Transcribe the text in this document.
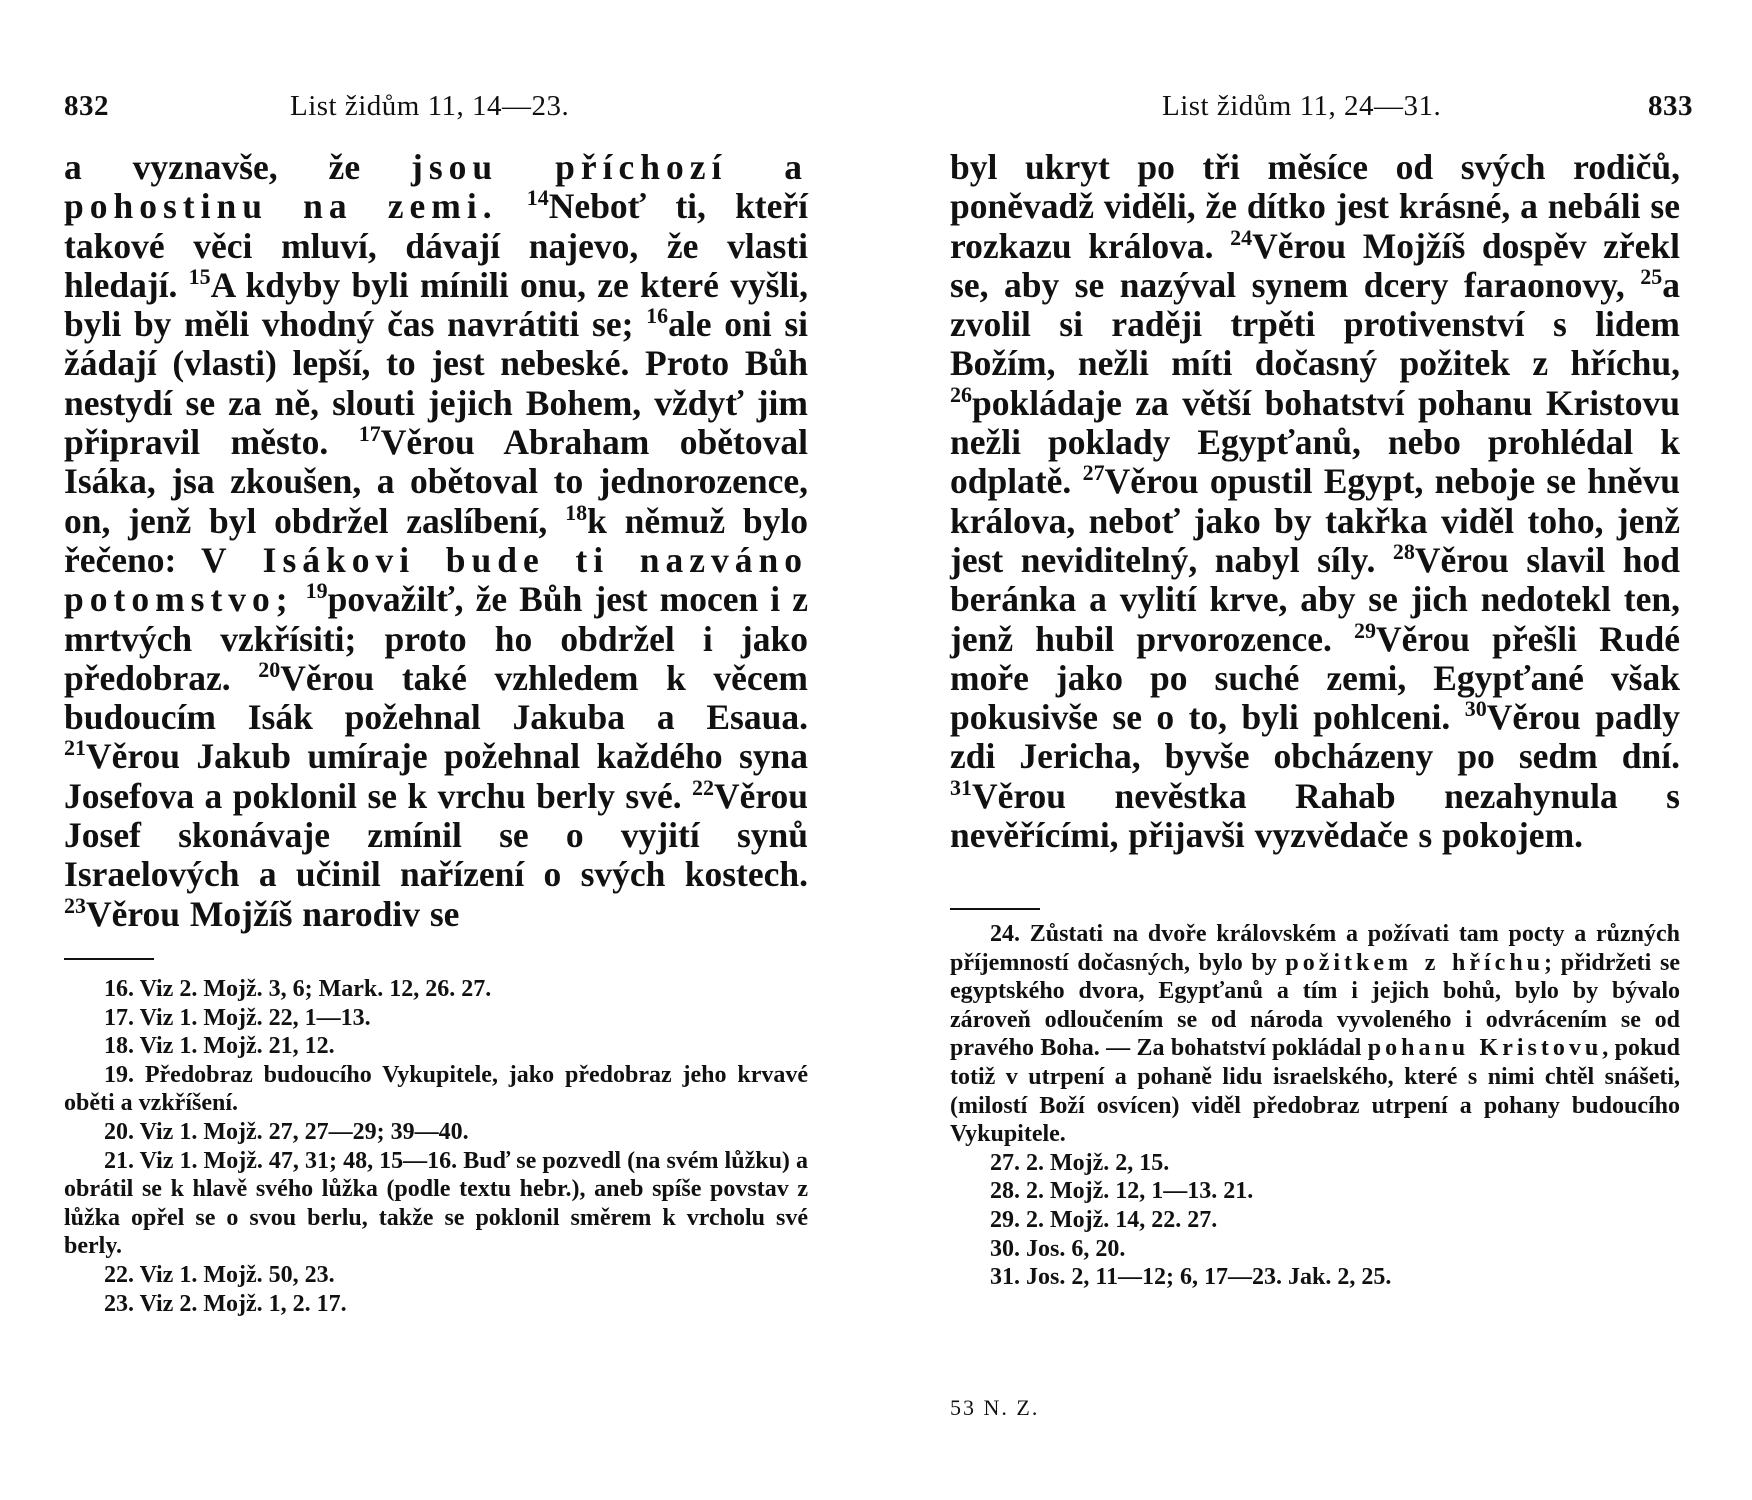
832	List židům 11, 14—23.

a vyznavše, že jsou příchozí a pohostinu na zemi. $^{14}$Neboť ti, kteří takové věci mluví, dávají najevo, že vlasti hledají. $^{15}$A kdyby byli mínili onu, ze které vyšli, byli by měli vhodný čas navrátiti se; $^{16}$ale oni si žádají (vlasti) lepší, to jest nebeské. Proto Bůh nestydí se za ně, slouti jejich Bohem, vždyť jim připravil město. $^{17}$Věrou Abraham obětoval Isáka, jsa zkoušen, a obětoval to jednorozence, on, jenž byl obdržel zaslíbení, $^{18}$k němuž bylo řečeno: V Isákovi bude ti nazváno potomstvo; $^{19}$považilť, že Bůh jest mocen i z mrtvých vzkřísiti; proto ho obdržel i jako předobraz. $^{20}$Věrou také vzhledem k věcem budoucím Isák požehnal Jakuba a Esaua. $^{21}$Věrou Jakub umíraje požehnal každého syna Josefova a poklonil se k vrchu berly své. $^{22}$Věrou Josef skonávaje zmínil se o vyjití synů Israelových a učinil nařízení o svých kostech. $^{23}$Věrou Mojžíš narodiv se

16. Viz 2. Mojž. 3, 6; Mark. 12, 26. 27.

17. Viz 1. Mojž. 22, 1—13.

18. Viz 1. Mojž. 21, 12.

19. Předobraz budoucího Vykupitele, jako předobraz jeho krvavé oběti a vzkříšení.

20. Viz 1. Mojž. 27, 27—29; 39—40.

21. Viz 1. Mojž. 47, 31; 48, 15—16. Buď se pozvedl (na svém lůžku) a obrátil se k hlavě svého lůžka (podle textu hebr.), aneb spíše povstav z lůžka opřel se o svou berlu, takže se poklonil směrem k vrcholu své berly.

22. Viz 1. Mojž. 50, 23.

23. Viz 2. Mojž. 1, 2. 17.

List židům 11, 24—31.	833

byl ukryt po tři měsíce od svých rodičů, poněvadž viděli, že dítko jest krásné, a nebáli se rozkazu králova. $^{24}$Věrou Mojžíš dospěv zřekl se, aby se nazýval synem dcery faraonovy, $^{25}$a zvolil si raději trpěti protivenství s lidem Božím, nežli míti dočasný požitek z hříchu, $^{26}$pokládaje za větší bohatství pohanu Kristovu nežli poklady Egypťanů, nebo prohlédal k odplatě. $^{27}$Věrou opustil Egypt, neboje se hněvu králova, neboť jako by takřka viděl toho, jenž jest neviditelný, nabyl síly. $^{28}$Věrou slavil hod beránka a vylití krve, aby se jich nedotekl ten, jenž hubil prvorozence. $^{29}$Věrou přešli Rudé moře jako po suché zemi, Egypťané však pokusivše se o to, byli pohlceni. $^{30}$Věrou padly zdi Jericha, byvše obcházeny po sedm dní. $^{31}$Věrou nevěstka Rahab nezahynula s nevěřícími, přijavši vyzvědače s pokojem.

24. Zůstati na dvoře královském a požívati tam pocty a různých příjemností dočasných, bylo by požitkem z hříchu; přidržeti se egyptského dvora, Egypťanů a tím i jejich bohů, bylo by bývalo zároveň odloučením se od národa vyvoleného i odvrácením se od pravého Boha. — Za bohatství pokládal pohanu Kristovu, pokud totiž v utrpení a pohaně lidu israelského, které s nimi chtěl snášeti, (milostí Boží osvícen) viděl předobraz utrpení a pohany budoucího Vykupitele.

27. 2. Mojž. 2, 15.

28. 2. Mojž. 12, 1—13. 21.

29. 2. Mojž. 14, 22. 27.

30. Jos. 6, 20.

31. Jos. 2, 11—12; 6, 17—23. Jak. 2, 25.

53 N. Z.
